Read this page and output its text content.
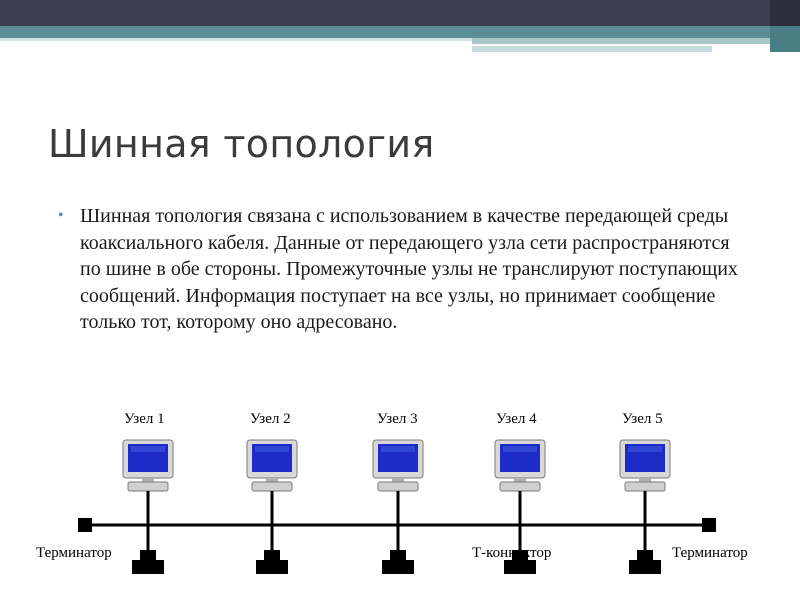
Шинная топология
• Шинная топология связана с использованием в качестве передающей среды коаксиального кабеля. Данные от передающего узла сети распространяются по шине в обе стороны. Промежуточные узлы не транслируют поступающих сообщений. Информация поступает на все узлы, но принимает сообщение только тот, которому оно адресовано.
Узел 1	Узел 2	Узел 3	Узел 4	Узел 5
Терминатор	Т-коннектор	Терминатор
